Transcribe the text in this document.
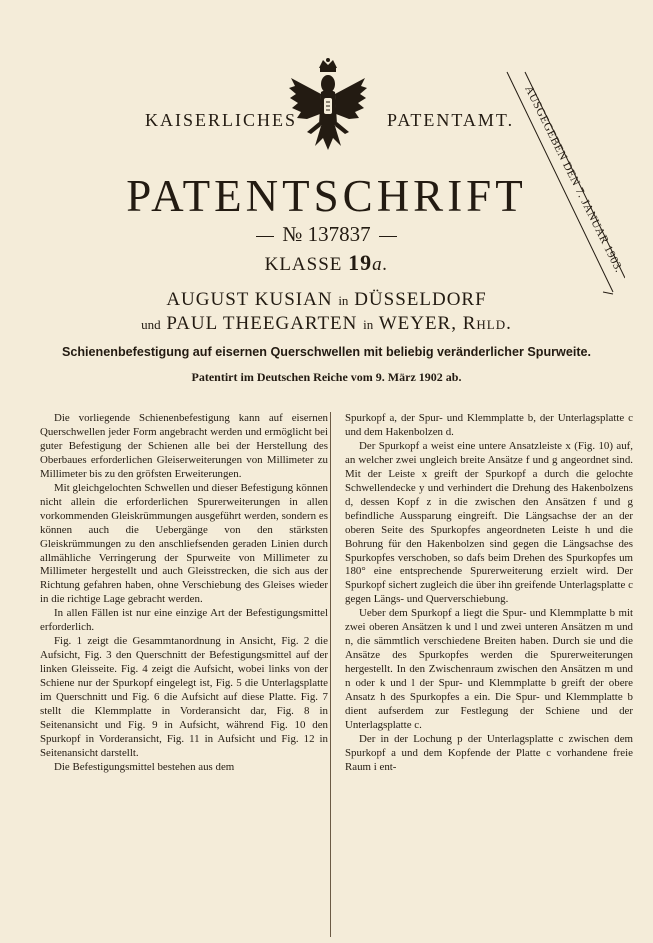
KAISERLICHES	PATENTAMT.
PATENTSCHRIFT
№ 137837
KLASSE 19a.
AUSGEGEBEN DEN 7. JANUAR 1903.
AUGUST KUSIAN in DÜSSELDORF
und PAUL THEEGARTEN in WEYER, Rhld.
Schienenbefestigung auf eisernen Querschwellen mit beliebig veränderlicher Spurweite.
Patentirt im Deutschen Reiche vom 9. März 1902 ab.

Die vorliegende Schienenbefestigung kann auf eisernen Querschwellen jeder Form angebracht werden und ermöglicht bei guter Befestigung der Schienen alle bei der Herstellung des Oberbaues erforderlichen Gleiserweiterungen von Millimeter zu Millimeter bis zu den gröfsten Erweiterungen.

Mit gleichgelochten Schwellen und dieser Befestigung können nicht allein die erforderlichen Spurerweiterungen in allen vorkommenden Gleiskrümmungen ausgeführt werden, sondern es können auch die Uebergänge von den stärksten Gleiskrümmungen zu den anschliefsenden geraden Linien durch allmähliche Verringerung der Spurweite von Millimeter zu Millimeter hergestellt und auch Gleisstrecken, die sich aus der Richtung gefahren haben, ohne Verschiebung des Gleises wieder in die richtige Lage gebracht werden.

In allen Fällen ist nur eine einzige Art der Befestigungsmittel erforderlich.

Fig. 1 zeigt die Gesammtanordnung in Ansicht, Fig. 2 die Aufsicht, Fig. 3 den Querschnitt der Befestigungsmittel auf der linken Gleisseite. Fig. 4 zeigt die Aufsicht, wobei links von der Schiene nur der Spurkopf eingelegt ist, Fig. 5 die Unterlagsplatte im Querschnitt und Fig. 6 die Aufsicht auf diese Platte. Fig. 7 stellt die Klemmplatte in Vorderansicht dar, Fig. 8 in Seitenansicht und Fig. 9 in Aufsicht, während Fig. 10 den Spurkopf in Vorderansicht, Fig. 11 in Aufsicht und Fig. 12 in Seitenansicht darstellt.

Die Befestigungsmittel bestehen aus dem

Spurkopf a, der Spur- und Klemmplatte b, der Unterlagsplatte c und dem Hakenbolzen d.

Der Spurkopf a weist eine untere Ansatzleiste x (Fig. 10) auf, an welcher zwei ungleich breite Ansätze f und g angeordnet sind. Mit der Leiste x greift der Spurkopf a durch die gelochte Schwellendecke y und verhindert die Drehung des Hakenbolzens d, dessen Kopf z in die zwischen den Ansätzen f und g befindliche Aussparung eingreift. Die Längsachse der an der oberen Seite des Spurkopfes angeordneten Leiste h und die Bohrung für den Hakenbolzen sind gegen die Längsachse des Spurkopfes verschoben, so dafs beim Drehen des Spurkopfes um 180° eine entsprechende Spurerweiterung erzielt wird. Der Spurkopf sichert zugleich die über ihn greifende Unterlagsplatte c gegen Längs- und Querverschiebung.

Ueber dem Spurkopf a liegt die Spur- und Klemmplatte b mit zwei oberen Ansätzen k und l und zwei unteren Ansätzen m und n, die sämmtlich verschiedene Breiten haben. Durch sie und die Ansätze des Spurkopfes werden die Spurerweiterungen hergestellt. In den Zwischenraum zwischen den Ansätzen m und n oder k und l der Spur- und Klemmplatte b greift der obere Ansatz h des Spurkopfes a ein. Die Spur- und Klemmplatte b dient aufserdem zur Festlegung der Schiene und der Unterlagsplatte c.

Der in der Lochung p der Unterlagsplatte c zwischen dem Spurkopf a und dem Kopfende der Platte c vorhandene freie Raum i ent-
